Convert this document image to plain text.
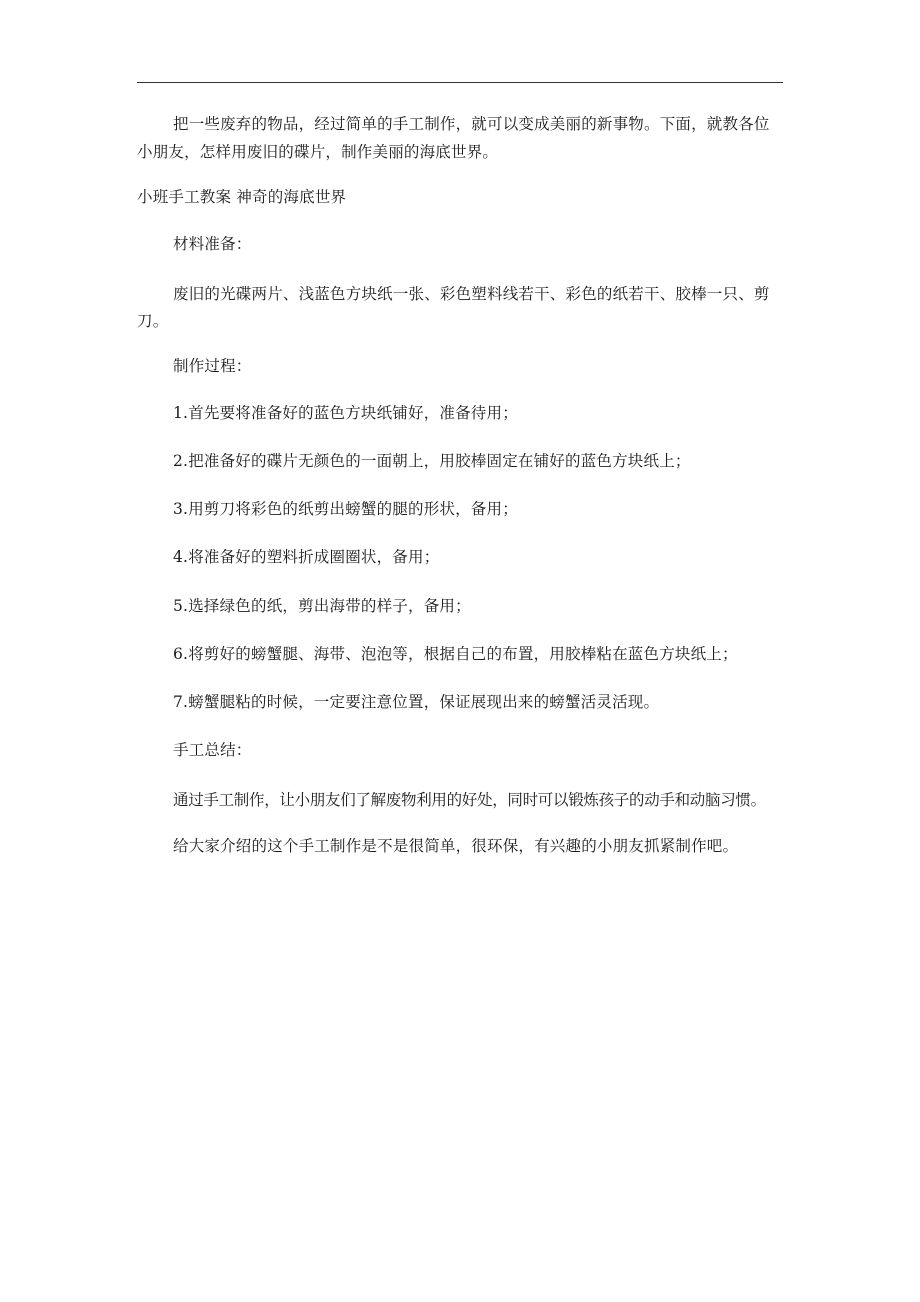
把一些废弃的物品，经过简单的手工制作，就可以变成美丽的新事物。下面，就教各位
小朋友，怎样用废旧的碟片，制作美丽的海底世界。
小班手工教案 神奇的海底世界
材料准备：
废旧的光碟两片、浅蓝色方块纸一张、彩色塑料线若干、彩色的纸若干、胶棒一只、剪
刀。
制作过程：
1.首先要将准备好的蓝色方块纸铺好，准备待用；
2.把准备好的碟片无颜色的一面朝上，用胶棒固定在铺好的蓝色方块纸上；
3.用剪刀将彩色的纸剪出螃蟹的腿的形状，备用；
4.将准备好的塑料折成圈圈状，备用；
5.选择绿色的纸，剪出海带的样子，备用；
6.将剪好的螃蟹腿、海带、泡泡等，根据自己的布置，用胶棒粘在蓝色方块纸上；
7.螃蟹腿粘的时候，一定要注意位置，保证展现出来的螃蟹活灵活现。
手工总结：
通过手工制作，让小朋友们了解废物利用的好处，同时可以锻炼孩子的动手和动脑习惯。
给大家介绍的这个手工制作是不是很简单，很环保，有兴趣的小朋友抓紧制作吧。
